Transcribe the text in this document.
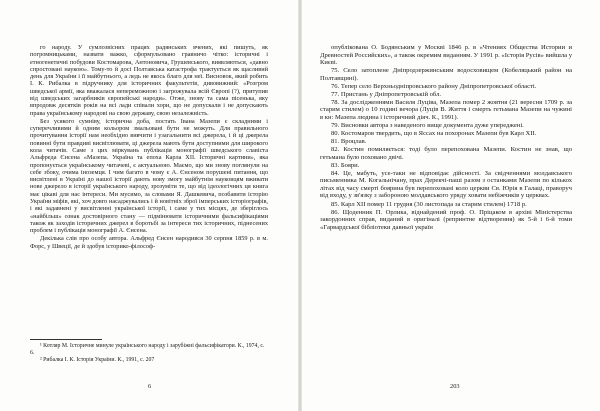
го народу. У сумлозвісних працях радянських вчених, які пишуть, як погромницьками, назвати важко, сформульовано гравничо чітко: історичні і етногенетичні побудови Костомарова, Антоновича, Грушевського, виявляються, «давно спростовані наукою». Тому-то й досі Полтавська катастрофа трактується як щасливий день для України і її майбутнього, а ледь не якось благо для неї. Висновок, який робить І. К. Рибалка в підручнику для історичних факультетів, дивовижний: «Розгром шведської армії, яка вважалася непереможною і загрожувала всій Європі (?), притупив від шведських загарбників європейські народи». Отже, знову та сама пісенька, яку впродовж десятків років на всі лади співали хори, що не допускали і не допускають права українському народові на свою державу, свою незалежність.

Без усякого сумніву, історична доба, постать Івана Мазепи є складними і суперечливими й одним кольором змальовані бути не можуть. Для правильного прочитування історії нам необхідно вивчити і узагальнити всі джерела, і й ці джерела повинні бути правдиві висвітлювати, ці джерела мають бути доступними для широкого кола читачів. Саме з цих міркувань публікація монографії шведського славіста Альфреда Єнсена «Мазепа. Україна та епоха Карла XII. Історичні картини», яка пропонується українському читачеві, є актуальною. Маємо, що ми знову поглянули на себе збоку, очима іноземця. І чим багато в чому є А. Єнсеном порушені питання, що висвітлені в Україні до нашої історії дають нову змогу майбутнім науковцям вживати нове джерело в історії українського народу, зрозуміти те, що від ідеологічних ця книга має цікаві для нас інтереси. Ми мусимо, за словами Я. Дашкевича, позбавити історію України міфів, які, хоч довго насаджувались і й новітніх зброї імперських історіографів, і які задавнені у висвітленні української історії, і саме у тих місцях, де зберіглось «найбільш» ознак достовірного стану — підмінювати історичними фальсифікаціями також як заходів історичних джерел в боротьбі за інтереси тих історичних, піднесених проблем і публікація монографії А. Єнсена.

Декілька слів про особу автора. Альфред Єнсен народився 30 серпня 1859 р. в м. Форс, у Швеції, де й здобув історико-філософ-

¹ Котляр М. Історичне минуле українського народу і зарубіжні фальсифікатори. К., 1974, с. 6.

² Рибалка І. К. Історія України. К., 1991, с. 207

6

опублікована О. Бодянським у Москві 1846 р. в «Чтениях Общества Истории и Древностей Российских», а також окремим виданням. У 1991 р. «Історія Русів» вийшла у Києві.

75. Село затоплене Дніпродзержинським водосховищем (Кобеляцький район на Полтавщині).

76. Тепер село Верхньодніпровського району Дніпропетровської області.

77. Пристань у Дніпропетровській обл.

78. За дослідженнями Василя Луціва, Мазепа помер 2 жовтня (21 вересня 1709 р. за старим стилем) о 10 годині вечора (Луців В. Життя і смерть гетьмана Мазепи на чужині в кн: Мазепа людина і історичний діяч. К., 1991).

79. Висновки автора з наведеного вище документа дуже упереджені.

80. Костомаров твердить, що в Яссах на похоронах Мазепи був Карл XII.

81. Вроцлав.

82. Костин помиляється: тоді було перепохована Мазепи. Костин не знав, що гетьмана було поховано двічі.

83. Бояри.

84. Це, мабуть, усе-таки не відповідає дійсності. За свідченнями молдавського письменника М. Когальнічану, прах Дерекчі-пашi разом з останками Мазепи по кількох літах від часу смерті боярина був перепоховані коло церкви Св. Юрія в Галаці, праворуч від входу, у зв'язку з забороною молдавського уряду ховати небіжчиків у церквах.

85. Карл XII помер 11 грудня (30 листопада за старим стилем) 1718 р.

86. Щоденник П. Орлика, віднайдений проф. О. Пріцаком в архіві Міністерства закордонних справ, виданий в оригіналі (репринтне відтворення) як 5-й і 6-й томи «Гарвардської бібліотеки давньої україн

203
